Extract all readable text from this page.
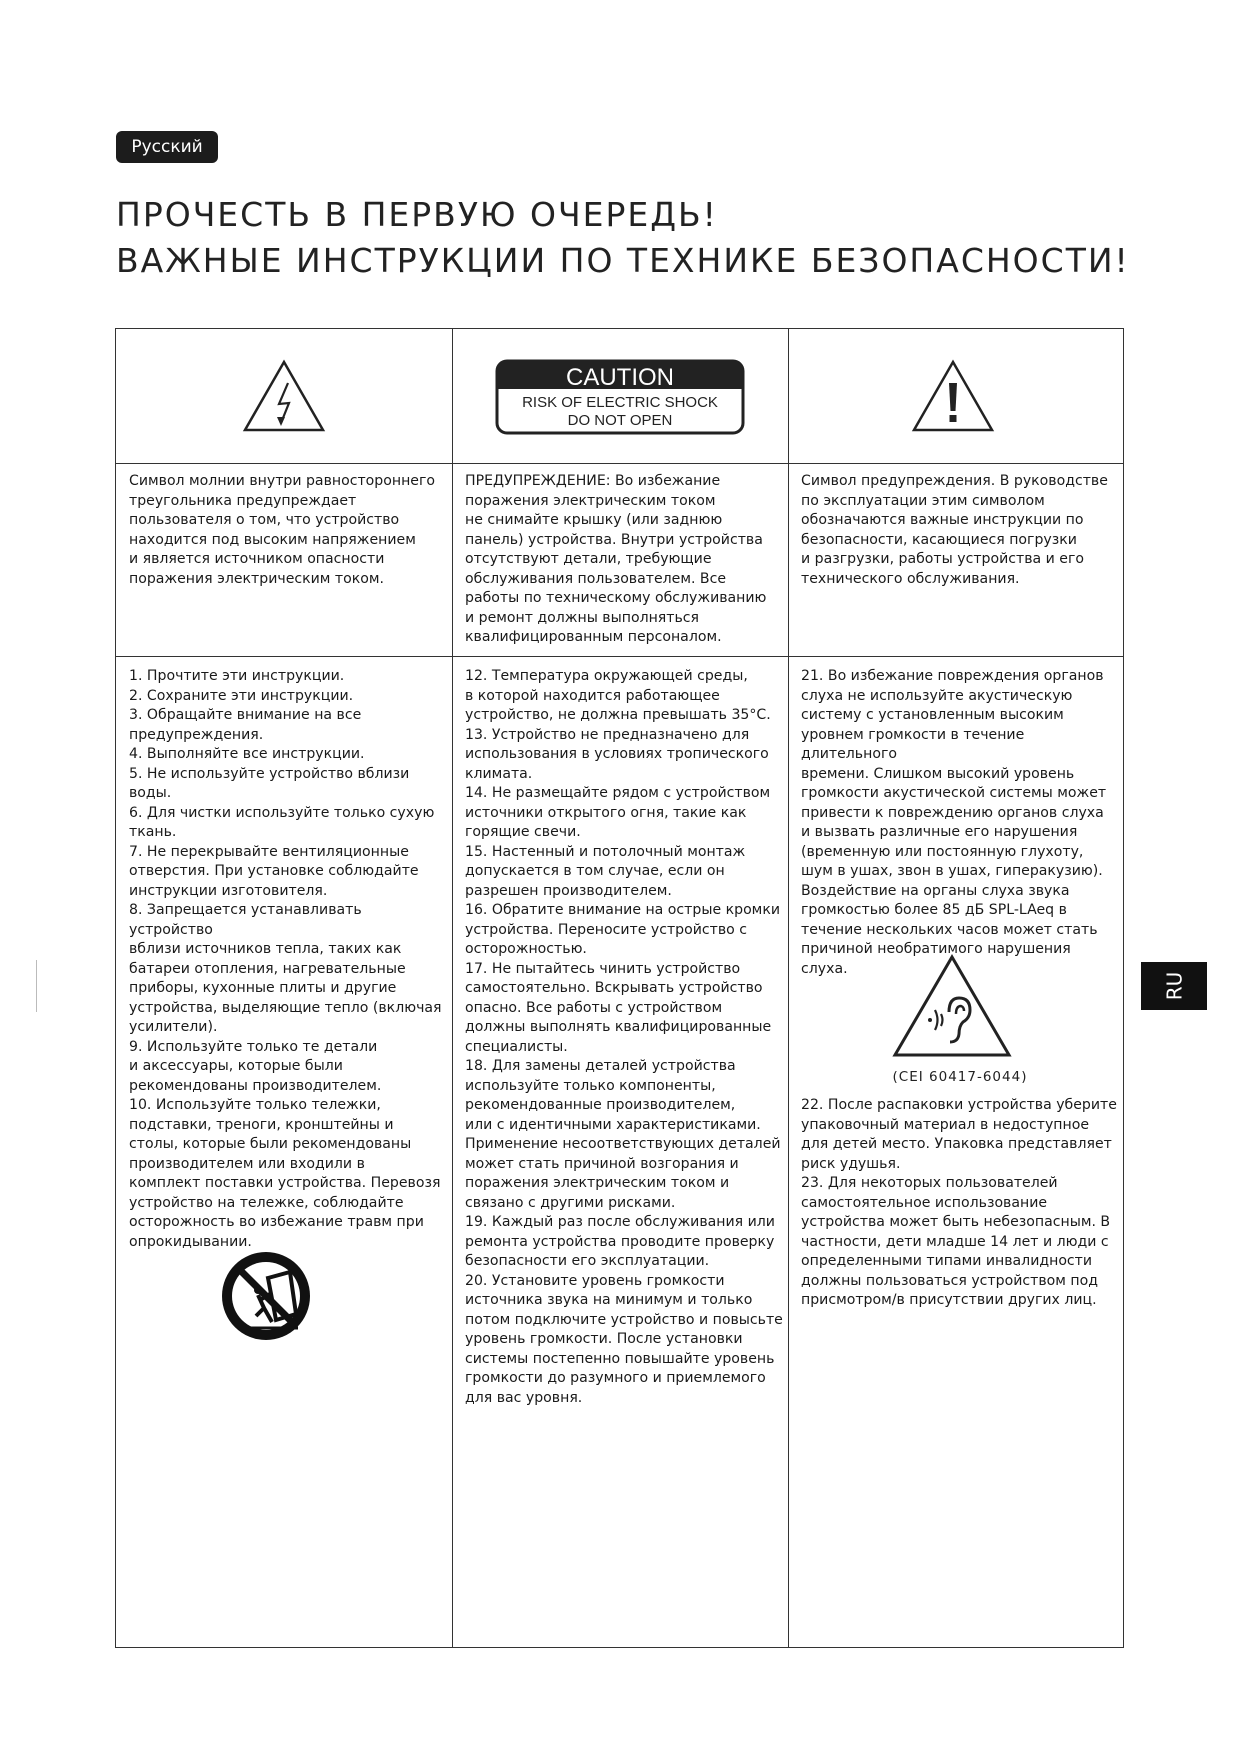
Русский
ПРОЧЕСТЬ В ПЕРВУЮ ОЧЕРЕДЬ!
ВАЖНЫЕ ИНСТРУКЦИИ ПО ТЕХНИКЕ БЕЗОПАСНОСТИ!
CAUTION
RISK OF ELECTRIC SHOCK
DO NOT OPEN
Символ молнии внутри равностороннего
треугольника предупреждает
пользователя о том, что устройство
находится под высоким напряжением
и является источником опасности
поражения электрическим током.
ПРЕДУПРЕЖДЕНИЕ: Во избежание
поражения электрическим током
не снимайте крышку (или заднюю
панель) устройства. Внутри устройства
отсутствуют детали, требующие
обслуживания пользователем. Все
работы по техническому обслуживанию
и ремонт должны выполняться
квалифицированным персоналом.
Символ предупреждения. В руководстве
по эксплуатации этим символом
обозначаются важные инструкции по
безопасности, касающиеся погрузки
и разгрузки, работы устройства и его
технического обслуживания.
1. Прочтите эти инструкции.
2. Сохраните эти инструкции.
3. Обращайте внимание на все
предупреждения.
4. Выполняйте все инструкции.
5. Не используйте устройство вблизи
воды.
6. Для чистки используйте только сухую
ткань.
7. Не перекрывайте вентиляционные
отверстия. При установке соблюдайте
инструкции изготовителя.
8. Запрещается устанавливать устройство
вблизи источников тепла, таких как
батареи отопления, нагревательные
приборы, кухонные плиты и другие
устройства, выделяющие тепло (включая
усилители).
9. Используйте только те детали
и аксессуары, которые были
рекомендованы производителем.
10. Используйте только тележки,
подставки, треноги, кронштейны и
столы, которые были рекомендованы
производителем или входили в
комплект поставки устройства. Перевозя
устройство на тележке, соблюдайте
осторожность во избежание травм при
опрокидывании.
12. Температура окружающей среды,
в которой находится работающее
устройство, не должна превышать 35°C.
13. Устройство не предназначено для
использования в условиях тропического
климата.
14. Не размещайте рядом с устройством
источники открытого огня, такие как
горящие свечи.
15. Настенный и потолочный монтаж
допускается в том случае, если он
разрешен производителем.
16. Обратите внимание на острые кромки
устройства. Переносите устройство с
осторожностью.
17. Не пытайтесь чинить устройство
самостоятельно. Вскрывать устройство
опасно. Все работы с устройством
должны выполнять квалифицированные
специалисты.
18. Для замены деталей устройства
используйте только компоненты,
рекомендованные производителем,
или с идентичными характеристиками.
Применение несоответствующих деталей
может стать причиной возгорания и
поражения электрическим током и
связано с другими рисками.
19. Каждый раз после обслуживания или
ремонта устройства проводите проверку
безопасности его эксплуатации.
20. Установите уровень громкости
источника звука на минимум и только
потом подключите устройство и повысьте
уровень громкости. После установки
системы постепенно повышайте уровень
громкости до разумного и приемлемого
для вас уровня.
21. Во избежание повреждения органов
слуха не используйте акустическую
систему с установленным высоким
уровнем громкости в течение длительного
времени. Слишком высокий уровень
громкости акустической системы может
привести к повреждению органов слуха
и вызвать различные его нарушения
(временную или постоянную глухоту,
шум в ушах, звон в ушах, гиперакузию).
Воздействие на органы слуха звука
громкостью более 85 дБ SPL-LAeq в
течение нескольких часов может стать
причиной необратимого нарушения
слуха.
22. После распаковки устройства уберите
упаковочный материал в недоступное
для детей место. Упаковка представляет
риск удушья.
23. Для некоторых пользователей
самостоятельное использование
устройства может быть небезопасным. В
частности, дети младше 14 лет и люди с
определенными типами инвалидности
должны пользоваться устройством под
присмотром/в присутствии других лиц.
(CEI 60417-6044)
RU
